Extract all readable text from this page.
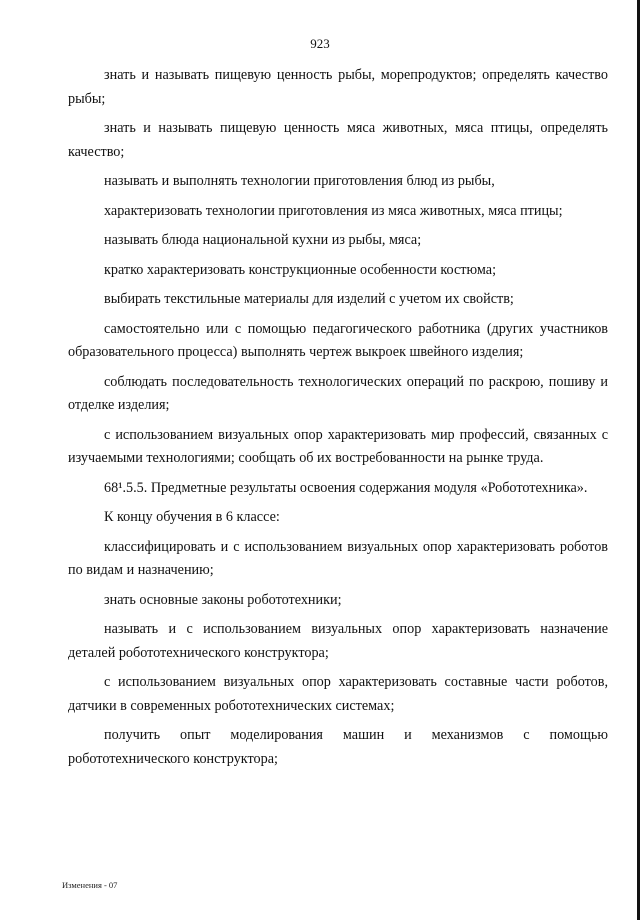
923

знать и называть пищевую ценность рыбы, морепродуктов; определять качество рыбы;

знать и называть пищевую ценность мяса животных, мяса птицы, определять качество;

называть и выполнять технологии приготовления блюд из рыбы,

характеризовать технологии приготовления из мяса животных, мяса птицы;

называть блюда национальной кухни из рыбы, мяса;

кратко характеризовать конструкционные особенности костюма;

выбирать текстильные материалы для изделий с учетом их свойств;

самостоятельно или с помощью педагогического работника (других участников образовательного процесса) выполнять чертеж выкроек швейного изделия;

соблюдать последовательность технологических операций по раскрою, пошиву и отделке изделия;

с использованием визуальных опор характеризовать мир профессий, связанных с изучаемыми технологиями; сообщать об их востребованности на рынке труда.

68¹.5.5. Предметные результаты освоения содержания модуля «Робототехника».

К концу обучения в 6 классе:

классифицировать и с использованием визуальных опор характеризовать роботов по видам и назначению;

знать основные законы робототехники;

называть и с использованием визуальных опор характеризовать назначение деталей робототехнического конструктора;

с использованием визуальных опор характеризовать составные части роботов, датчики в современных робототехнических системах;

получить опыт моделирования машин и механизмов с помощью робототехнического конструктора;

Изменения - 07
